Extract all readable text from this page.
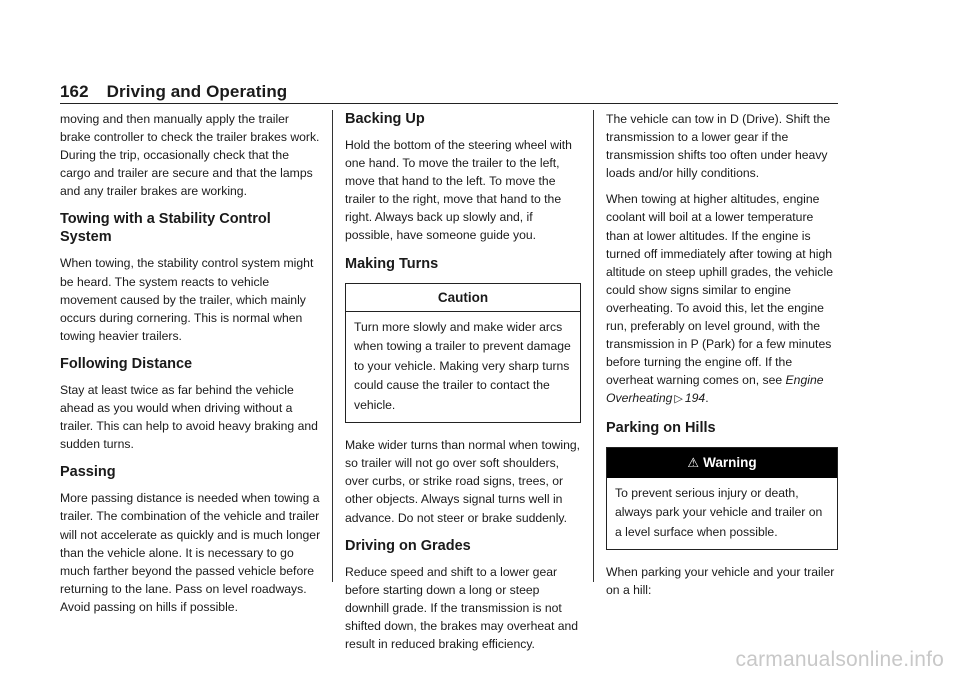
162 Driving and Operating

moving and then manually apply the trailer brake controller to check the trailer brakes work. During the trip, occasionally check that the cargo and trailer are secure and that the lamps and any trailer brakes are working.

Towing with a Stability Control System

When towing, the stability control system might be heard. The system reacts to vehicle movement caused by the trailer, which mainly occurs during cornering. This is normal when towing heavier trailers.

Following Distance

Stay at least twice as far behind the vehicle ahead as you would when driving without a trailer. This can help to avoid heavy braking and sudden turns.

Passing

More passing distance is needed when towing a trailer. The combination of the vehicle and trailer will not accelerate as quickly and is much longer than the vehicle alone. It is necessary to go much farther beyond the passed vehicle before returning to the lane. Pass on level roadways. Avoid passing on hills if possible.

Backing Up

Hold the bottom of the steering wheel with one hand. To move the trailer to the left, move that hand to the left. To move the trailer to the right, move that hand to the right. Always back up slowly and, if possible, have someone guide you.

Making Turns
Caution
Turn more slowly and make wider arcs when towing a trailer to prevent damage to your vehicle. Making very sharp turns could cause the trailer to contact the vehicle.

Make wider turns than normal when towing, so trailer will not go over soft shoulders, over curbs, or strike road signs, trees, or other objects. Always signal turns well in advance. Do not steer or brake suddenly.

Driving on Grades

Reduce speed and shift to a lower gear before starting down a long or steep downhill grade. If the transmission is not shifted down, the brakes may overheat and result in reduced braking efficiency.

The vehicle can tow in D (Drive). Shift the transmission to a lower gear if the transmission shifts too often under heavy loads and/or hilly conditions.

When towing at higher altitudes, engine coolant will boil at a lower temperature than at lower altitudes. If the engine is turned off immediately after towing at high altitude on steep uphill grades, the vehicle could show signs similar to engine overheating. To avoid this, let the engine run, preferably on level ground, with the transmission in P (Park) for a few minutes before turning the engine off. If the overheat warning comes on, see Engine Overheating ▷ 194.

Parking on Hills
⚠ Warning
To prevent serious injury or death, always park your vehicle and trailer on a level surface when possible.

When parking your vehicle and your trailer on a hill:

carmanualsonline.info
